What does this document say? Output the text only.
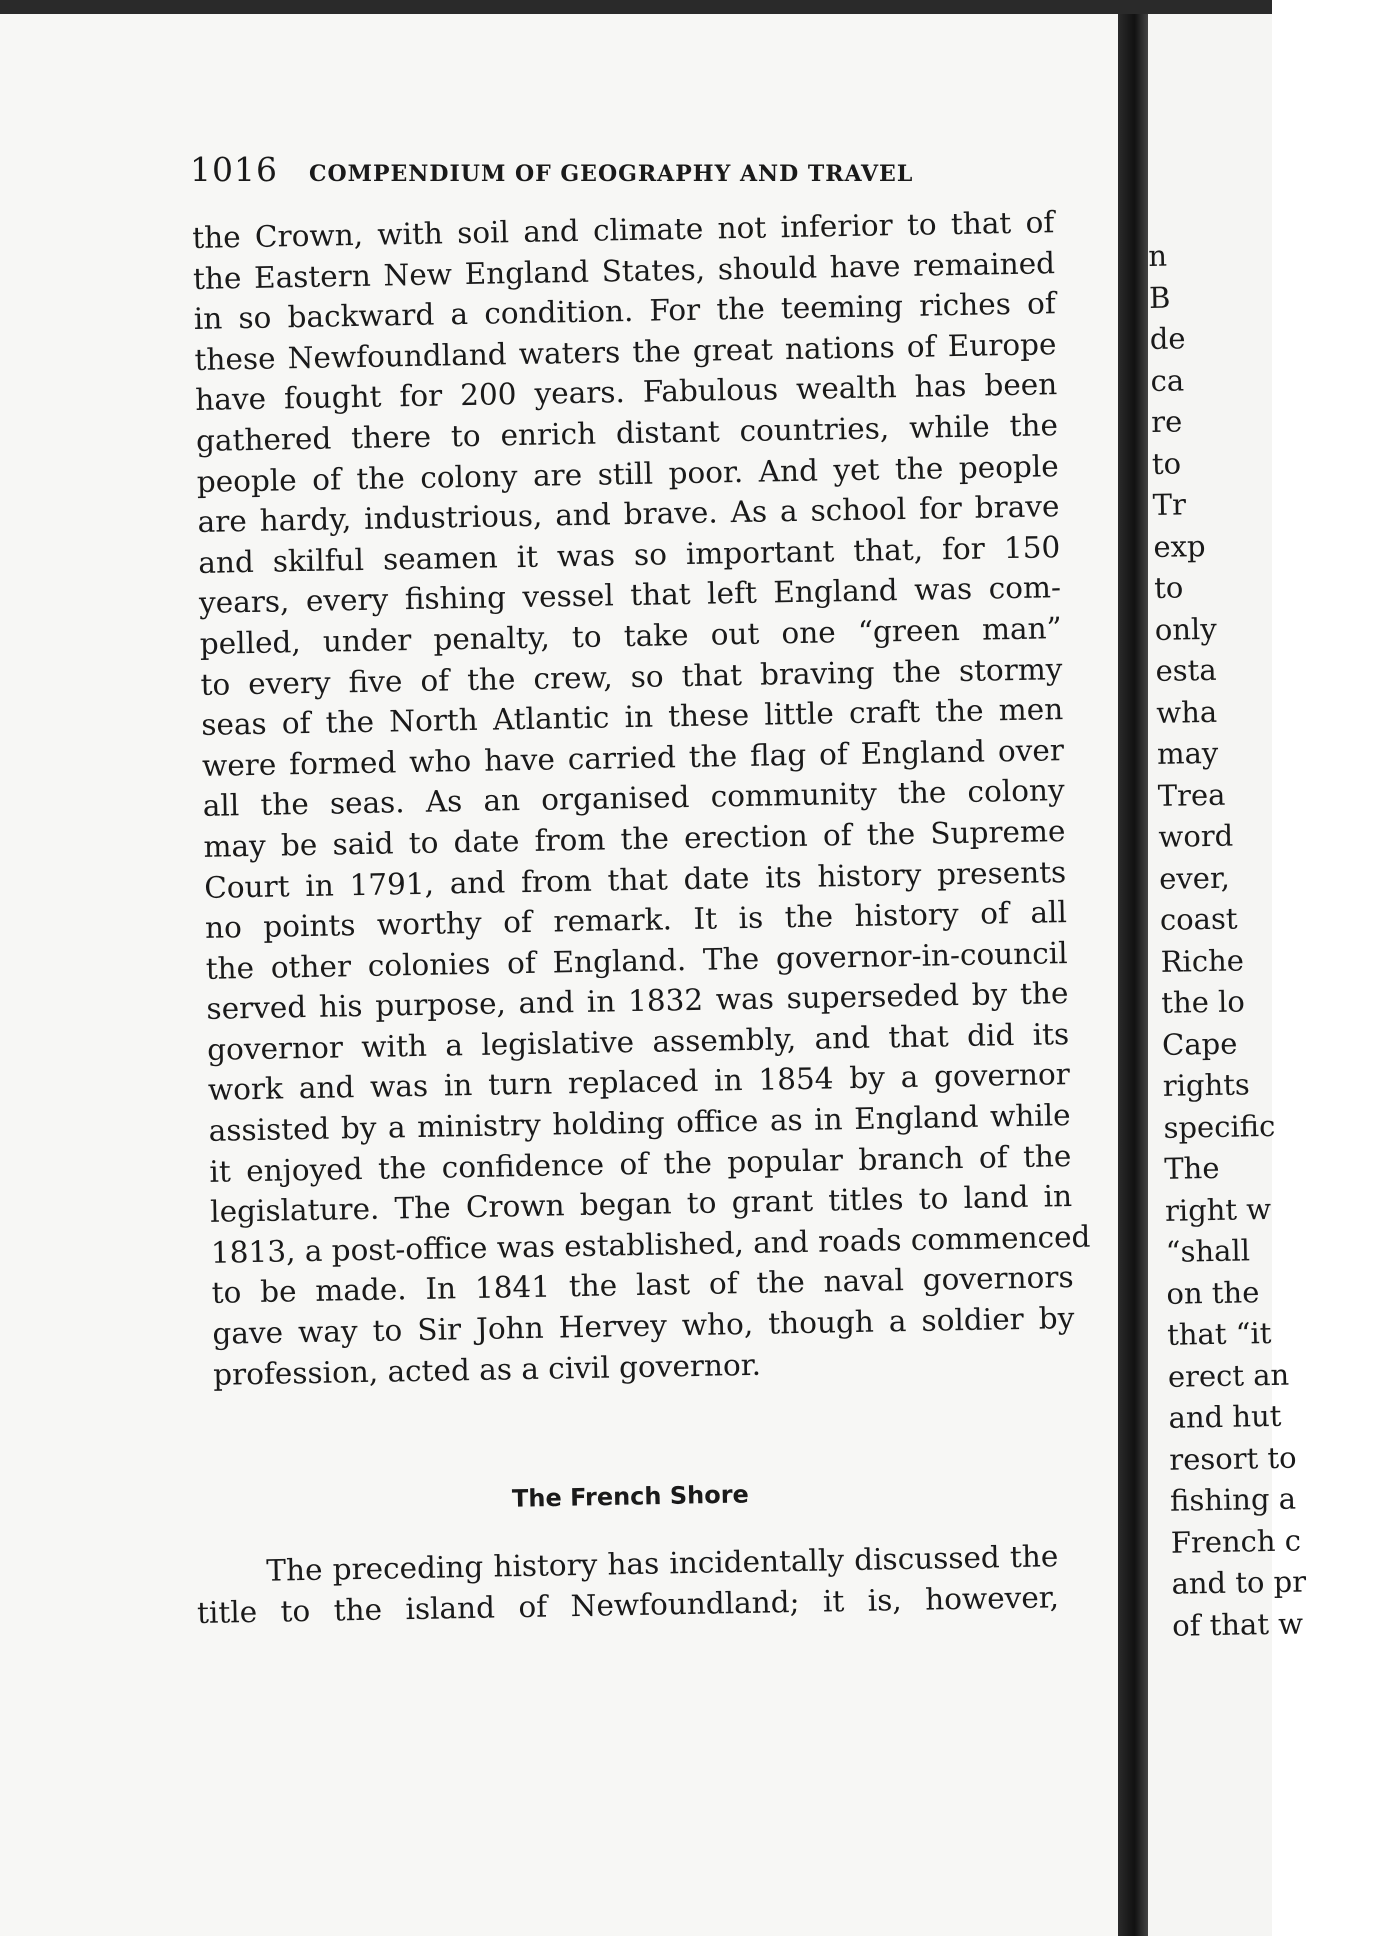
1016 COMPENDIUM OF GEOGRAPHY AND TRAVEL
the Crown, with soil and climate not inferior to that of
the Eastern New England States, should have remained
in so backward a condition. For the teeming riches of
these Newfoundland waters the great nations of Europe
have fought for 200 years. Fabulous wealth has been
gathered there to enrich distant countries, while the
people of the colony are still poor. And yet the people
are hardy, industrious, and brave. As a school for brave
and skilful seamen it was so important that, for 150
years, every fishing vessel that left England was com-
pelled, under penalty, to take out one “green man”
to every five of the crew, so that braving the stormy
seas of the North Atlantic in these little craft the men
were formed who have carried the flag of England over
all the seas. As an organised community the colony
may be said to date from the erection of the Supreme
Court in 1791, and from that date its history presents
no points worthy of remark. It is the history of all
the other colonies of England. The governor-in-council
served his purpose, and in 1832 was superseded by the
governor with a legislative assembly, and that did its
work and was in turn replaced in 1854 by a governor
assisted by a ministry holding office as in England while
it enjoyed the confidence of the popular branch of the
legislature. The Crown began to grant titles to land in
1813, a post-office was established, and roads commenced
to be made. In 1841 the last of the naval governors
gave way to Sir John Hervey who, though a soldier by
profession, acted as a civil governor.
The French Shore
The preceding history has incidentally discussed the
title to the island of Newfoundland; it is, however,
n
B
de
ca
re
to
Tr
exp
to
only
esta
wha
may
Trea
word
ever,
coast
Riche
the lo
Cape
rights
specific
The
right w
“shall
on the
that “it
erect an
and hut
resort to
fishing a
French c
and to pr
of that w
